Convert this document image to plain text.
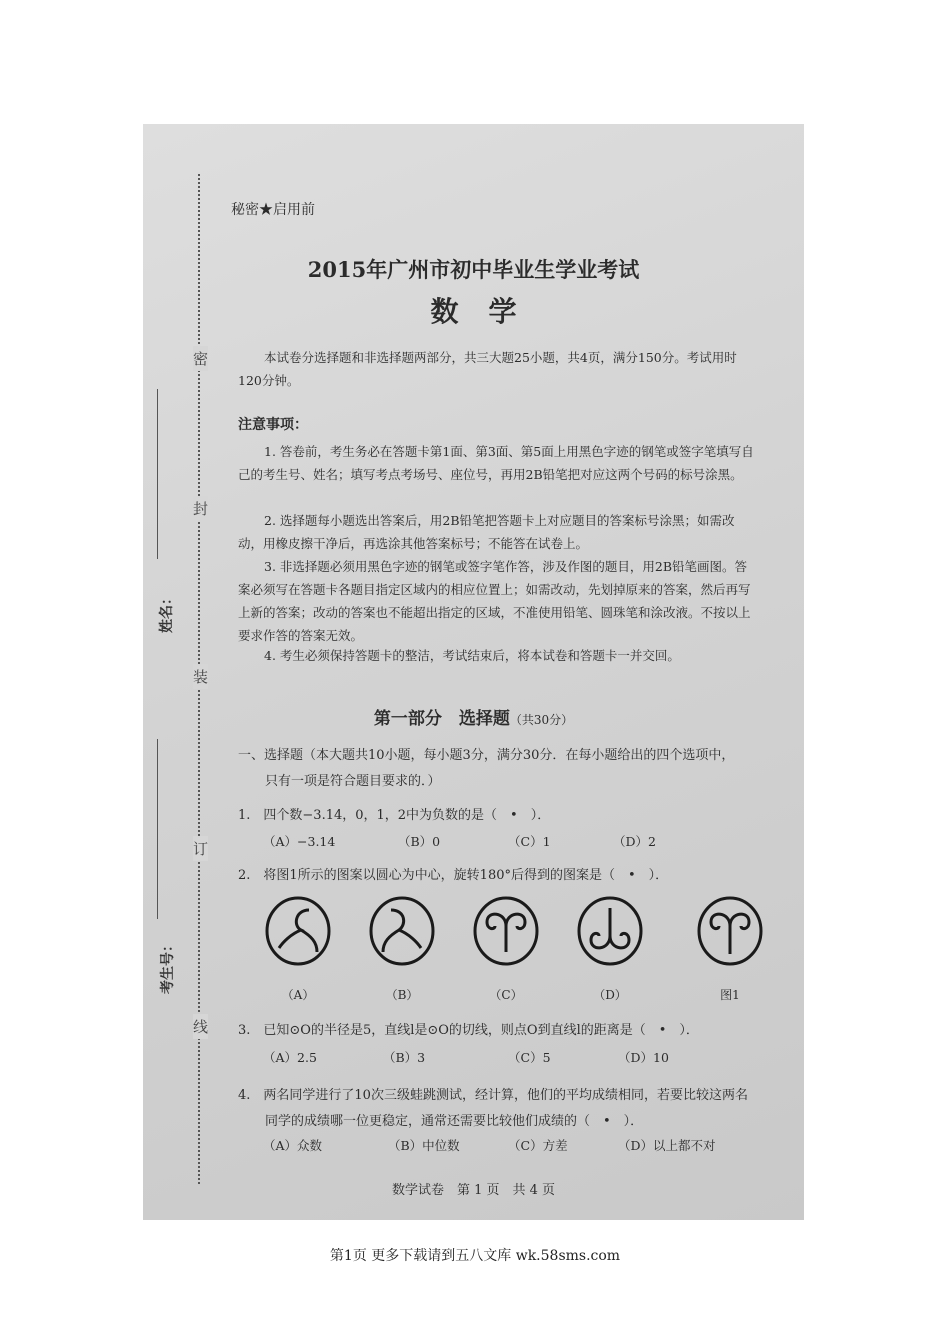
密
封
装
订
线
姓名：
考生号：
秘密★启用前
2015年广州市初中毕业生学业考试
数学
本试卷分选择题和非选择题两部分，共三大题25小题，共4页，满分150分。考试用时120分钟。
注意事项：
1. 答卷前，考生务必在答题卡第1面、第3面、第5面上用黑色字迹的钢笔或签字笔填写自己的考生号、姓名；填写考点考场号、座位号，再用2B铅笔把对应这两个号码的标号涂黑。
2. 选择题每小题选出答案后，用2B铅笔把答题卡上对应题目的答案标号涂黑；如需改动，用橡皮擦干净后，再选涂其他答案标号；不能答在试卷上。
3. 非选择题必须用黑色字迹的钢笔或签字笔作答，涉及作图的题目，用2B铅笔画图。答案必须写在答题卡各题目指定区域内的相应位置上；如需改动，先划掉原来的答案，然后再写上新的答案；改动的答案也不能超出指定的区域，不准使用铅笔、圆珠笔和涂改液。不按以上要求作答的答案无效。
4. 考生必须保持答题卡的整洁，考试结束后，将本试卷和答题卡一并交回。
第一部分　选择题（共30分）
一、选择题（本大题共10小题，每小题3分，满分30分．在每小题给出的四个选项中，
只有一项是符合题目要求的．）
1.　四个数−3.14，0，1，2中为负数的是（　•　）．
（A）−3.14	（B）0	（C）1	（D）2
2.　将图1所示的图案以圆心为中心，旋转180°后得到的图案是（　•　）．
（A）	（B）	（C）	（D）	图1
3.　已知⊙O的半径是5，直线l是⊙O的切线，则点O到直线l的距离是（　•　）．
（A）2.5	（B）3	（C）5	（D）10
4.　两名同学进行了10次三级蛙跳测试，经计算，他们的平均成绩相同，若要比较这两名
同学的成绩哪一位更稳定，通常还需要比较他们成绩的（　•　）．
（A）众数	（B）中位数	（C）方差	（D）以上都不对
数学试卷　第 1 页　共 4 页
第1页 更多下载请到五八文库 wk.58sms.com
